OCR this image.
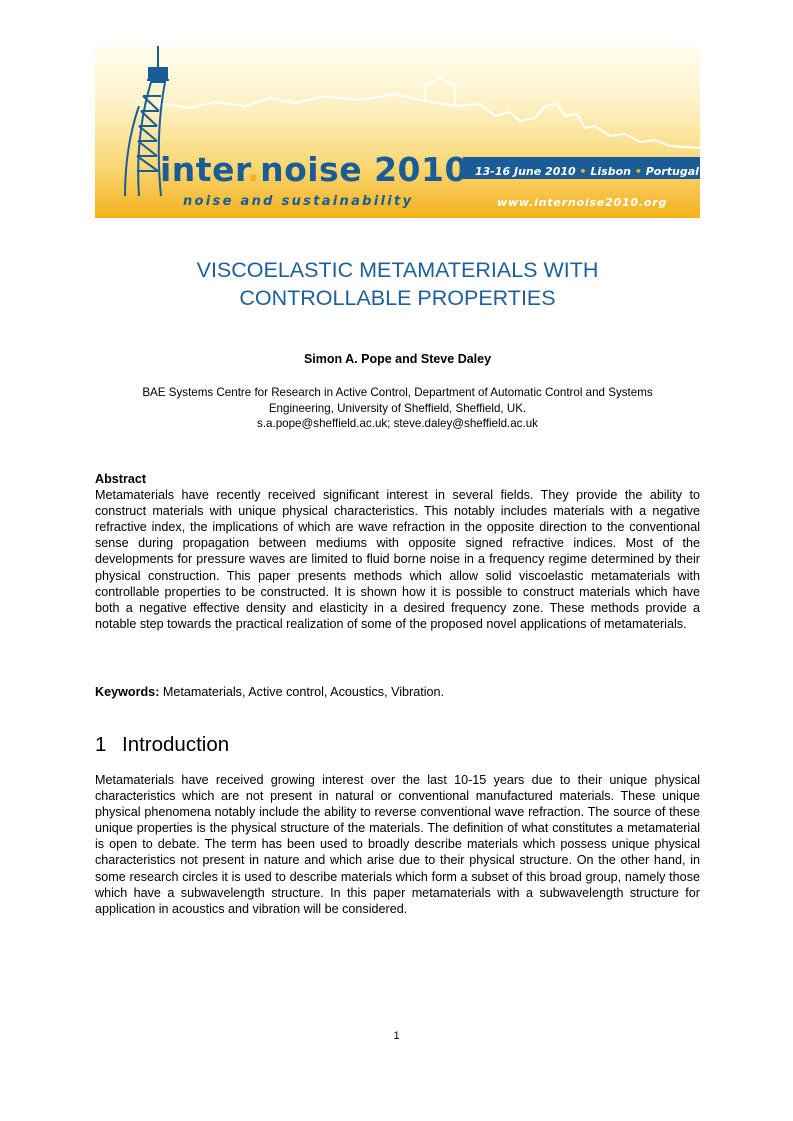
inter.noise 2010
noise and sustainability
13-16 June 2010 • Lisbon • Portugal
www.internoise2010.org
VISCOELASTIC METAMATERIALS WITH
CONTROLLABLE PROPERTIES
Simon A. Pope and Steve Daley
BAE Systems Centre for Research in Active Control, Department of Automatic Control and Systems
Engineering, University of Sheffield, Sheffield, UK.
s.a.pope@sheffield.ac.uk; steve.daley@sheffield.ac.uk
Abstract
Metamaterials have recently received significant interest in several fields. They provide the ability to construct materials with unique physical characteristics. This notably includes materials with a negative refractive index, the implications of which are wave refraction in the opposite direction to the conventional sense during propagation between mediums with opposite signed refractive indices. Most of the developments for pressure waves are limited to fluid borne noise in a frequency regime determined by their physical construction. This paper presents methods which allow solid viscoelastic metamaterials with controllable properties to be constructed. It is shown how it is possible to construct materials which have both a negative effective density and elasticity in a desired frequency zone. These methods provide a notable step towards the practical realization of some of the proposed novel applications of metamaterials.
Keywords: Metamaterials, Active control, Acoustics, Vibration.
1 Introduction
Metamaterials have received growing interest over the last 10-15 years due to their unique physical characteristics which are not present in natural or conventional manufactured materials. These unique physical phenomena notably include the ability to reverse conventional wave refraction. The source of these unique properties is the physical structure of the materials. The definition of what constitutes a metamaterial is open to debate. The term has been used to broadly describe materials which possess unique physical characteristics not present in nature and which arise due to their physical structure. On the other hand, in some research circles it is used to describe materials which form a subset of this broad group, namely those which have a subwavelength structure. In this paper metamaterials with a subwavelength structure for application in acoustics and vibration will be considered.
1
